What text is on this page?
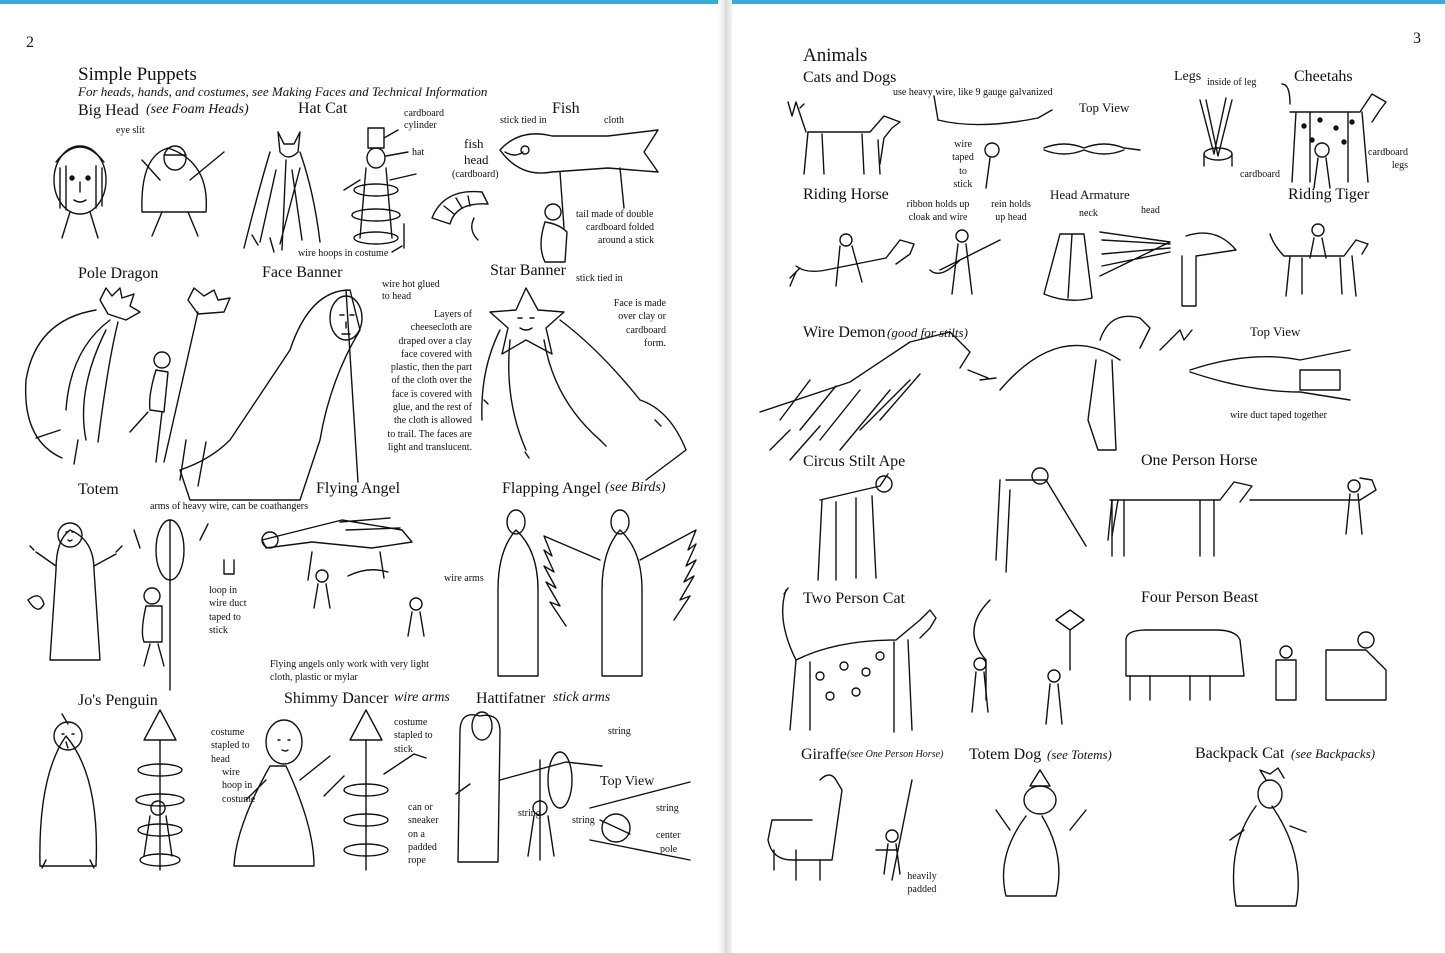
2
Simple Puppets
For heads, hands, and costumes, see Making Faces and Technical Information
Big Head (see Foam Heads)
eye slit
Hat Cat	cardboard
cylinder
hat
wire hoops in costume
Fish
stick tied in	cloth
fish
head
(cardboard)
tail made of double
cardboard folded
around a stick
Pole Dragon	Face Banner
wire hot glued
to head
Layers of
cheesecloth are
draped over a clay
face covered with
plastic, then the part
of the cloth over the
face is covered with
glue, and the rest of
the cloth is allowed
to trail. The faces are
light and translucent.
Star Banner stick tied in
Face is made
over clay or
cardboard
form.
Totem
arms of heavy wire, can be coathangers
loop in
wire duct
taped to
stick
Flying Angel
wire arms
Flying angels only work with very light
cloth, plastic or mylar
Flapping Angel (see Birds)
Jo's Penguin
costume
stapled to
head
wire
hoop in
costume
Shimmy Dancer wire arms
costume
stapled to
stick
can or
sneaker
on a
padded
rope
Hattifatner stick arms
string
Top View
string
string
string
center
pole
3
Animals
Cats and Dogs
use heavy wire, like 9 gauge galvanized
Top View
wire
taped to
stick
Legs inside of leg
cardboard
Cheetahs
cardboard
legs
Riding Horse
ribbon holds up
cloak and wire
rein holds
up head
Head Armature
neck	head
Riding Tiger
Wire Demon (good for stilts)	Top View
wire duct taped together
Circus Stilt Ape	One Person Horse
Two Person Cat	Four Person Beast
Giraffe (see One Person Horse)
heavily
padded
Totem Dog (see Totems)	Backpack Cat (see Backpacks)
